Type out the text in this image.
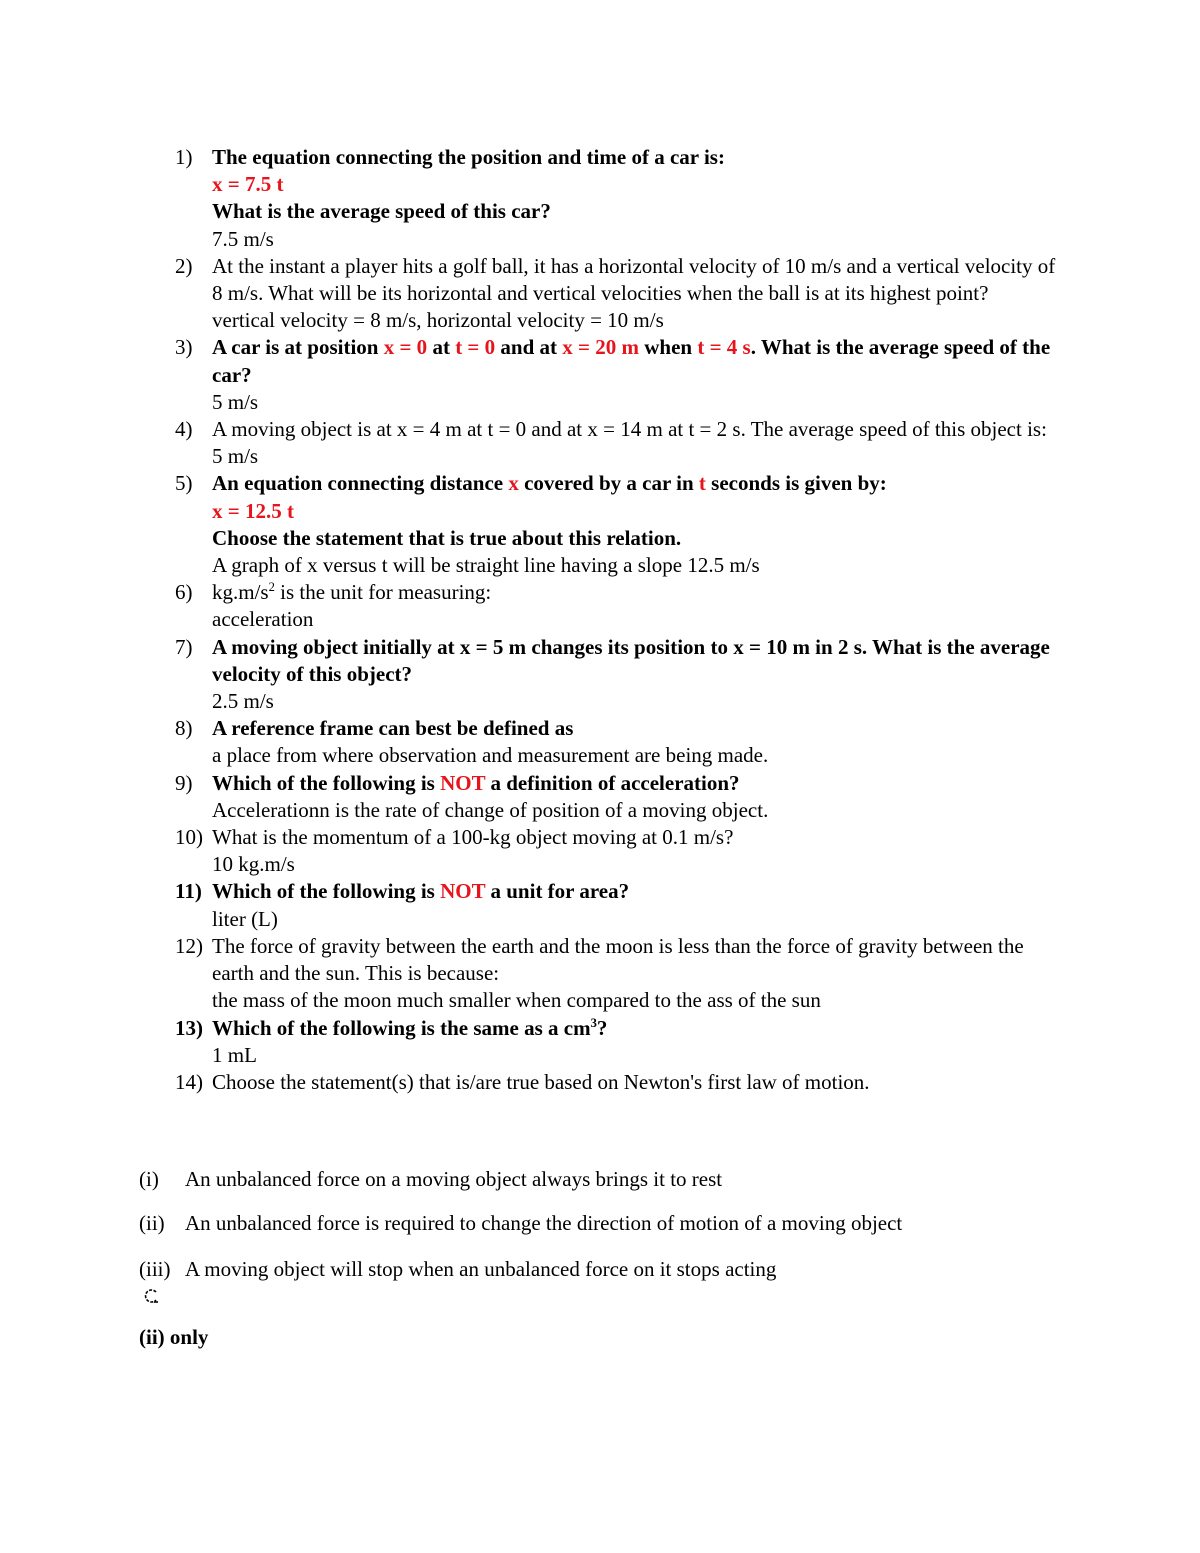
1) The equation connecting the position and time of a car is:
x = 7.5 t
What is the average speed of this car?
7.5 m/s
2) At the instant a player hits a golf ball, it has a horizontal velocity of 10 m/s and a vertical velocity of 8 m/s. What will be its horizontal and vertical velocities when the ball is at its highest point?
vertical velocity = 8 m/s, horizontal velocity = 10 m/s
3) A car is at position x = 0 at t = 0 and at x = 20 m when t = 4 s. What is the average speed of the car?
5 m/s
4) A moving object is at x = 4 m at t = 0 and at x = 14 m at t = 2 s. The average speed of this object is:
5 m/s
5) An equation connecting distance x covered by a car in t seconds is given by:
x = 12.5 t
Choose the statement that is true about this relation.
A graph of x versus t will be straight line having a slope 12.5 m/s
6) $kg.m/s^2$ is the unit for measuring:
acceleration
7) A moving object initially at x = 5 m changes its position to x = 10 m in 2 s. What is the average velocity of this object?
2.5 m/s
8) A reference frame can best be defined as
a place from where observation and measurement are being made.
9) Which of the following is NOT a definition of acceleration?
Accelerationn is the rate of change of position of a moving object.
10) What is the momentum of a 100-kg object moving at 0.1 m/s?
10 kg.m/s
11) Which of the following is NOT a unit for area?
liter (L)
12) The force of gravity between the earth and the moon is less than the force of gravity between the earth and the sun. This is because:
the mass of the moon much smaller when compared to the ass of the sun
13) Which of the following is the same as a $cm^3$?
1 mL
14) Choose the statement(s) that is/are true based on Newton's first law of motion.
(i) An unbalanced force on a moving object always brings it to rest
(ii) An unbalanced force is required to change the direction of motion of a moving object
(iii) A moving object will stop when an unbalanced force on it stops acting
(ii) only
